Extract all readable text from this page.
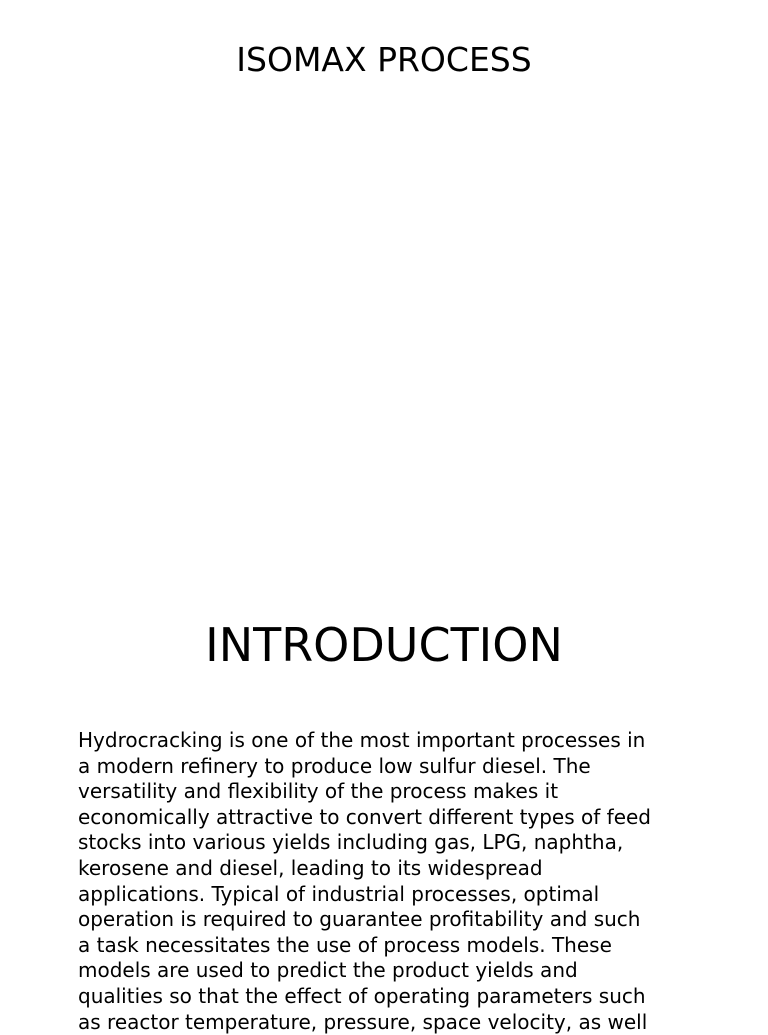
ISOMAX PROCESS
INTRODUCTION

Hydrocracking is one of the most important processes in
a modern refinery to produce low sulfur diesel. The
versatility and flexibility of the process makes it
economically attractive to convert different types of feed
stocks into various yields including gas, LPG, naphtha,
kerosene and diesel, leading to its widespread
applications. Typical of industrial processes, optimal
operation is required to guarantee profitability and such
a task necessitates the use of process models. These
models are used to predict the product yields and
qualities so that the effect of operating parameters such
as reactor temperature, pressure, space velocity, as well
